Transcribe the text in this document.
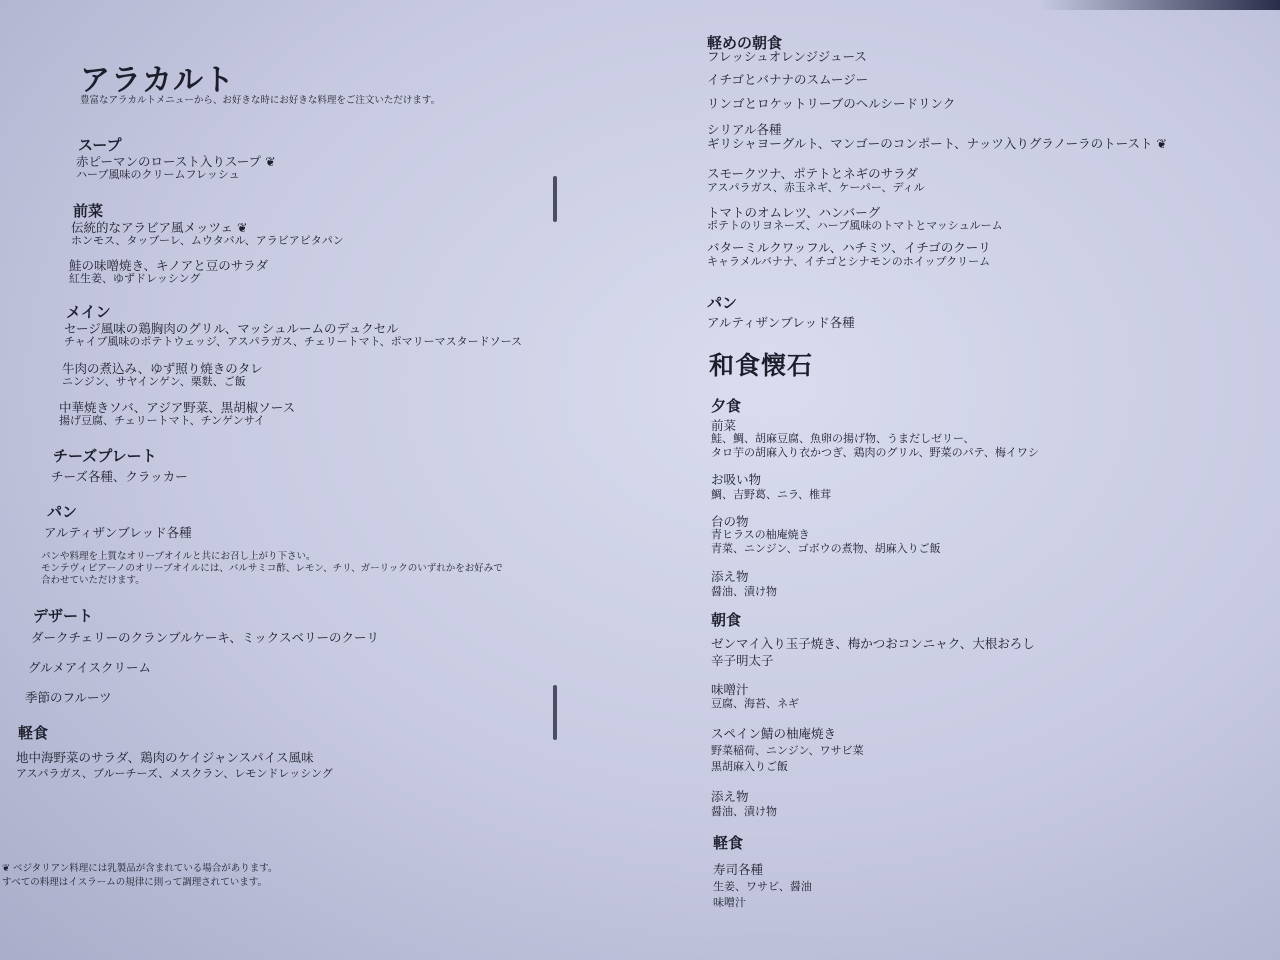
アラカルト
豊富なアラカルトメニューから、お好きな時にお好きな料理をご注文いただけます。
スープ
赤ピーマンのロースト入りスープ ❦
ハーブ風味のクリームフレッシュ
前菜
伝統的なアラビア風メッツェ ❦
ホンモス、タッブーレ、ムウタバル、アラビアピタパン
鮭の味噌焼き、キノアと豆のサラダ
紅生姜、ゆずドレッシング
メイン
セージ風味の鶏胸肉のグリル、マッシュルームのデュクセル
チャイブ風味のポテトウェッジ、アスパラガス、チェリートマト、ポマリーマスタードソース
牛肉の煮込み、ゆず照り焼きのタレ
ニンジン、サヤインゲン、栗麩、ご飯
中華焼きソバ、アジア野菜、黒胡椒ソース
揚げ豆腐、チェリートマト、チンゲンサイ
チーズプレート
チーズ各種、クラッカー
パン
アルティザンブレッド各種
パンや料理を上質なオリーブオイルと共にお召し上がり下さい。
モンテヴィビアーノのオリーブオイルには、バルサミコ酢、レモン、チリ、ガーリックのいずれかをお好みで
合わせていただけます。
デザート
ダークチェリーのクランブルケーキ、ミックスベリーのクーリ
グルメアイスクリーム
季節のフルーツ
軽食
地中海野菜のサラダ、鶏肉のケイジャンスパイス風味
アスパラガス、ブルーチーズ、メスクラン、レモンドレッシング
❦ ベジタリアン料理には乳製品が含まれている場合があります。
すべての料理はイスラームの規律に則って調理されています。
軽めの朝食
フレッシュオレンジジュース
イチゴとバナナのスムージー
リンゴとロケットリーブのヘルシードリンク
シリアル各種
ギリシャヨーグルト、マンゴーのコンポート、ナッツ入りグラノーラのトースト ❦
スモークツナ、ポテトとネギのサラダ
アスパラガス、赤玉ネギ、ケーパー、ディル
トマトのオムレツ、ハンバーグ
ポテトのリヨネーズ、ハーブ風味のトマトとマッシュルーム
バターミルクワッフル、ハチミツ、イチゴのクーリ
キャラメルバナナ、イチゴとシナモンのホイップクリーム
パン
アルティザンブレッド各種
和食懐石
夕食
前菜
鮭、鯛、胡麻豆腐、魚卵の揚げ物、うまだしゼリー、
タロ芋の胡麻入り衣かつぎ、鶏肉のグリル、野菜のパテ、梅イワシ
お吸い物
鯛、吉野葛、ニラ、椎茸
台の物
青ヒラスの柚庵焼き
青菜、ニンジン、ゴボウの煮物、胡麻入りご飯
添え物
醤油、漬け物
朝食
ゼンマイ入り玉子焼き、梅かつおコンニャク、大根おろし
辛子明太子
味噌汁
豆腐、海苔、ネギ
スペイン鯖の柚庵焼き
野菜稲荷、ニンジン、ワサビ菜
黒胡麻入りご飯
添え物
醤油、漬け物
軽食
寿司各種
生姜、ワサビ、醤油
味噌汁
